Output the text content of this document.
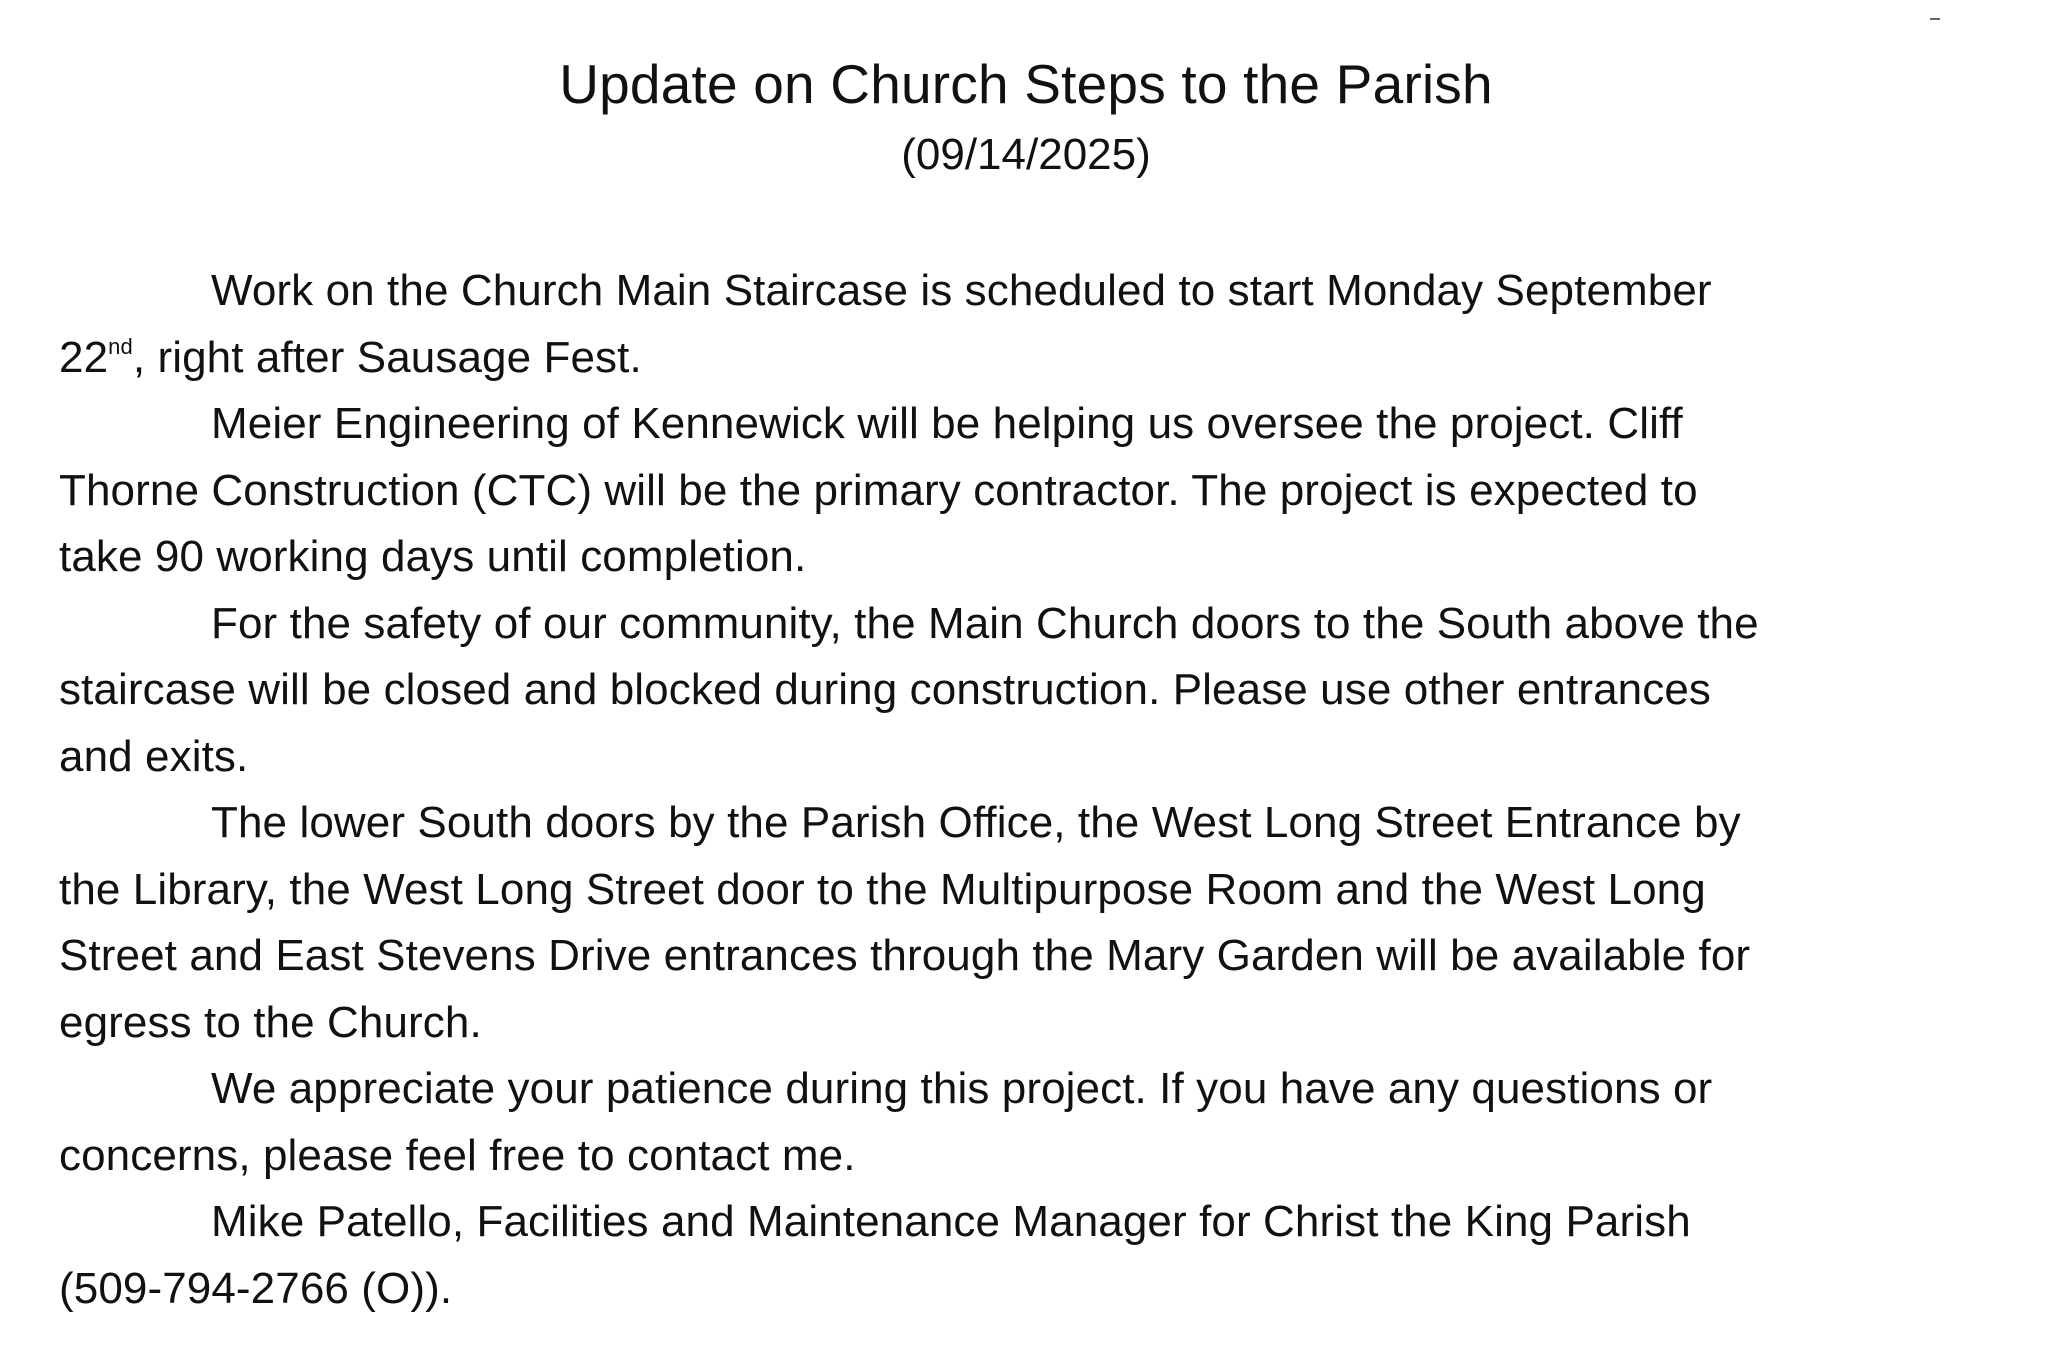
Update on Church Steps to the Parish
(09/14/2025)
Work on the Church Main Staircase is scheduled to start Monday September
22nd, right after Sausage Fest.
Meier Engineering of Kennewick will be helping us oversee the project. Cliff
Thorne Construction (CTC) will be the primary contractor. The project is expected to
take 90 working days until completion.
For the safety of our community, the Main Church doors to the South above the
staircase will be closed and blocked during construction. Please use other entrances
and exits.
The lower South doors by the Parish Office, the West Long Street Entrance by
the Library, the West Long Street door to the Multipurpose Room and the West Long
Street and East Stevens Drive entrances through the Mary Garden will be available for
egress to the Church.
We appreciate your patience during this project. If you have any questions or
concerns, please feel free to contact me.
Mike Patello, Facilities and Maintenance Manager for Christ the King Parish
(509-794-2766 (O)).
